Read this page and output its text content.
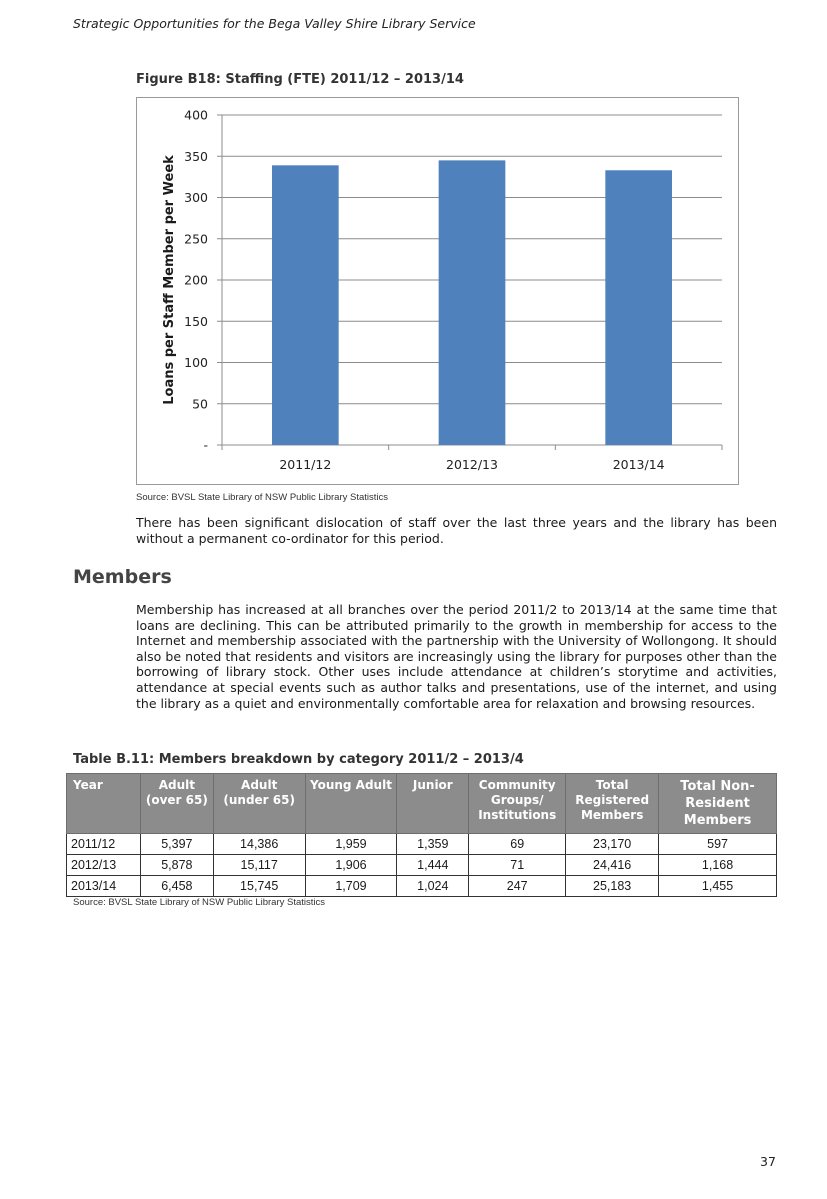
Strategic Opportunities for the Bega Valley Shire Library Service
Figure B18: Staffing (FTE) 2011/12 – 2013/14
-
50
100
150
200
250
300
350
400
2011/12	2012/13	2013/14
Loans per Staff Member per Week
Source: BVSL State Library of NSW Public Library Statistics
There has been significant dislocation of staff over the last three years and the library has been without a permanent co-ordinator for this period.
Members
Membership has increased at all branches over the period 2011/2 to 2013/14 at the same time that loans are declining. This can be attributed primarily to the growth in membership for access to the Internet and membership associated with the partnership with the University of Wollongong. It should also be noted that residents and visitors are increasingly using the library for purposes other than the borrowing of library stock. Other uses include attendance at children’s storytime and activities, attendance at special events such as author talks and presentations, use of the internet, and using the library as a quiet and environmentally comfortable area for relaxation and browsing resources.
Table B.11: Members breakdown by category 2011/2 – 2013/4
Year	Adult (over 65)	Adult (under 65)	Young Adult	Junior	Community Groups/ Institutions	Total Registered Members	Total Non-Resident Members
2011/12	5,397	14,386	1,959	1,359	69	23,170	597
2012/13	5,878	15,117	1,906	1,444	71	24,416	1,168
2013/14	6,458	15,745	1,709	1,024	247	25,183	1,455
Source: BVSL State Library of NSW Public Library Statistics
37
